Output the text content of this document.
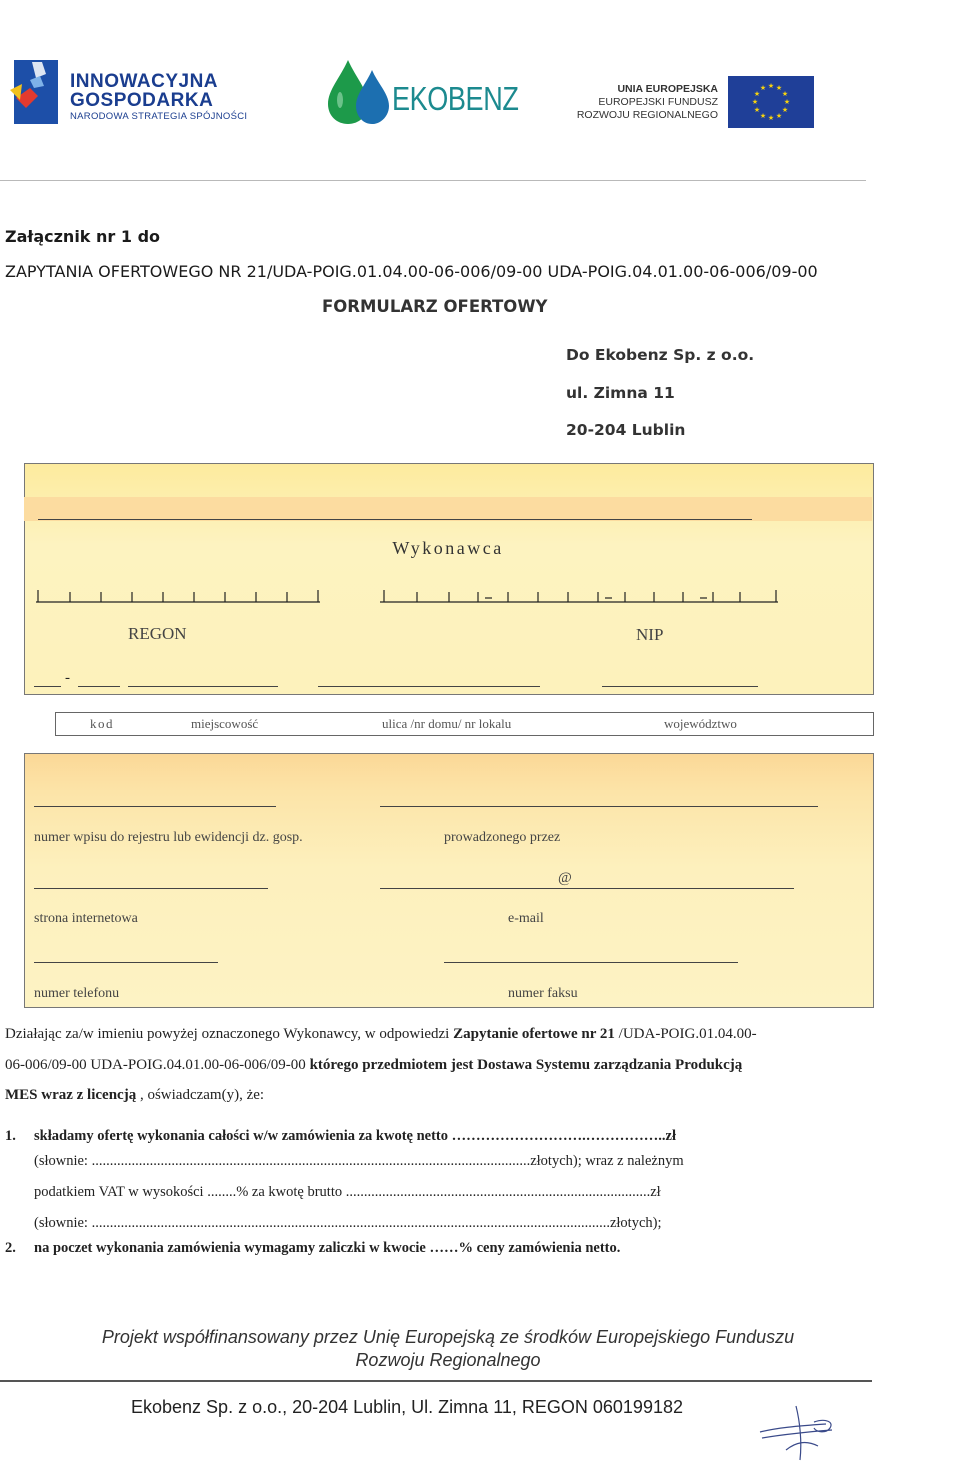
INNOWACYJNA
GOSPODARKA
NARODOWA STRATEGIA SPÓJNOŚCI	EKOBENZ	UNIA EUROPEJSKA
EUROPEJSKI FUNDUSZ
ROZWOJU REGIONALNEGO
★ ★
★
★
★
★
★
★
★
★
★
★
Załącznik nr 1 do
ZAPYTANIA OFERTOWEGO NR 21/UDA-POIG.01.04.00-06-006/09-00 UDA-POIG.04.01.00-06-006/09-00
FORMULARZ OFERTOWY
Do Ekobenz Sp. z o.o.
ul. Zimna 11
20-204 Lublin
Wykonawca
REGON	NIP
-
kod	miejscowość	ulica /nr domu/ nr lokalu	województwo
numer wpisu do rejestru lub ewidencji dz. gosp.	prowadzonego przez
@
strona internetowa	e-mail
numer telefonu	numer faksu
Działając za/w imieniu powyżej oznaczonego Wykonawcy, w odpowiedzi Zapytanie ofertowe nr 21 /UDA-POIG.01.04.00-
06-006/09-00 UDA-POIG.04.01.00-06-006/09-00 którego przedmiotem jest Dostawa Systemu zarządzania Produkcją
MES wraz z licencją , oświadczam(y), że:
1. składamy ofertę wykonania całości w/w zamówienia za kwotę netto ……………………….……………..zł
(słownie: .........................................................................................................................złotych); wraz z należnym
podatkiem VAT w wysokości ........% za kwotę brutto ....................................................................................zł
(słownie: ...............................................................................................................................................złotych);
2. na poczet wykonania zamówienia wymagamy zaliczki w kwocie ……% ceny zamówienia netto.
Projekt współfinansowany przez Unię Europejską ze środków Europejskiego Funduszu
Rozwoju Regionalnego
Ekobenz Sp. z o.o., 20-204 Lublin, Ul. Zimna 11, REGON 060199182
